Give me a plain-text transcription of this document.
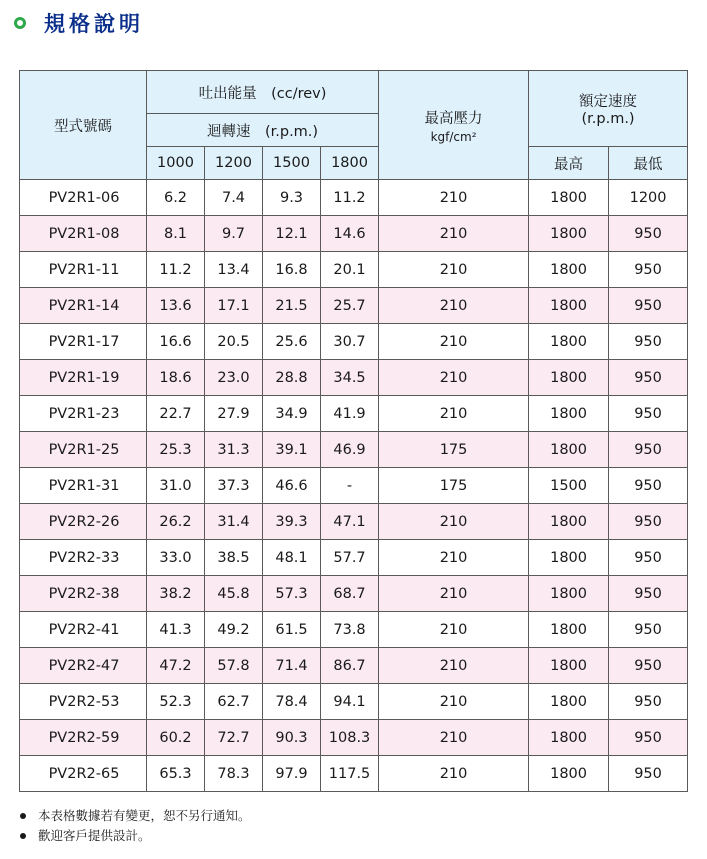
規格說明
型式號碼	吐出能量　(cc/rev)				最高壓力
kgf/cm²	額定速度
(r.p.m.)	
	迴轉速　(r.p.m.)						
	1000	1200	1500	1800		最高	最低
PV2R1-06	6.2	7.4	9.3	11.2	210	1800	1200
PV2R1-08	8.1	9.7	12.1	14.6	210	1800	950
PV2R1-11	11.2	13.4	16.8	20.1	210	1800	950
PV2R1-14	13.6	17.1	21.5	25.7	210	1800	950
PV2R1-17	16.6	20.5	25.6	30.7	210	1800	950
PV2R1-19	18.6	23.0	28.8	34.5	210	1800	950
PV2R1-23	22.7	27.9	34.9	41.9	210	1800	950
PV2R1-25	25.3	31.3	39.1	46.9	175	1800	950
PV2R1-31	31.0	37.3	46.6	-	175	1500	950
PV2R2-26	26.2	31.4	39.3	47.1	210	1800	950
PV2R2-33	33.0	38.5	48.1	57.7	210	1800	950
PV2R2-38	38.2	45.8	57.3	68.7	210	1800	950
PV2R2-41	41.3	49.2	61.5	73.8	210	1800	950
PV2R2-47	47.2	57.8	71.4	86.7	210	1800	950
PV2R2-53	52.3	62.7	78.4	94.1	210	1800	950
PV2R2-59	60.2	72.7	90.3	108.3	210	1800	950
PV2R2-65	65.3	78.3	97.9	117.5	210	1800	950
本表格數據若有變更，恕不另行通知。
歡迎客戶提供設計。
